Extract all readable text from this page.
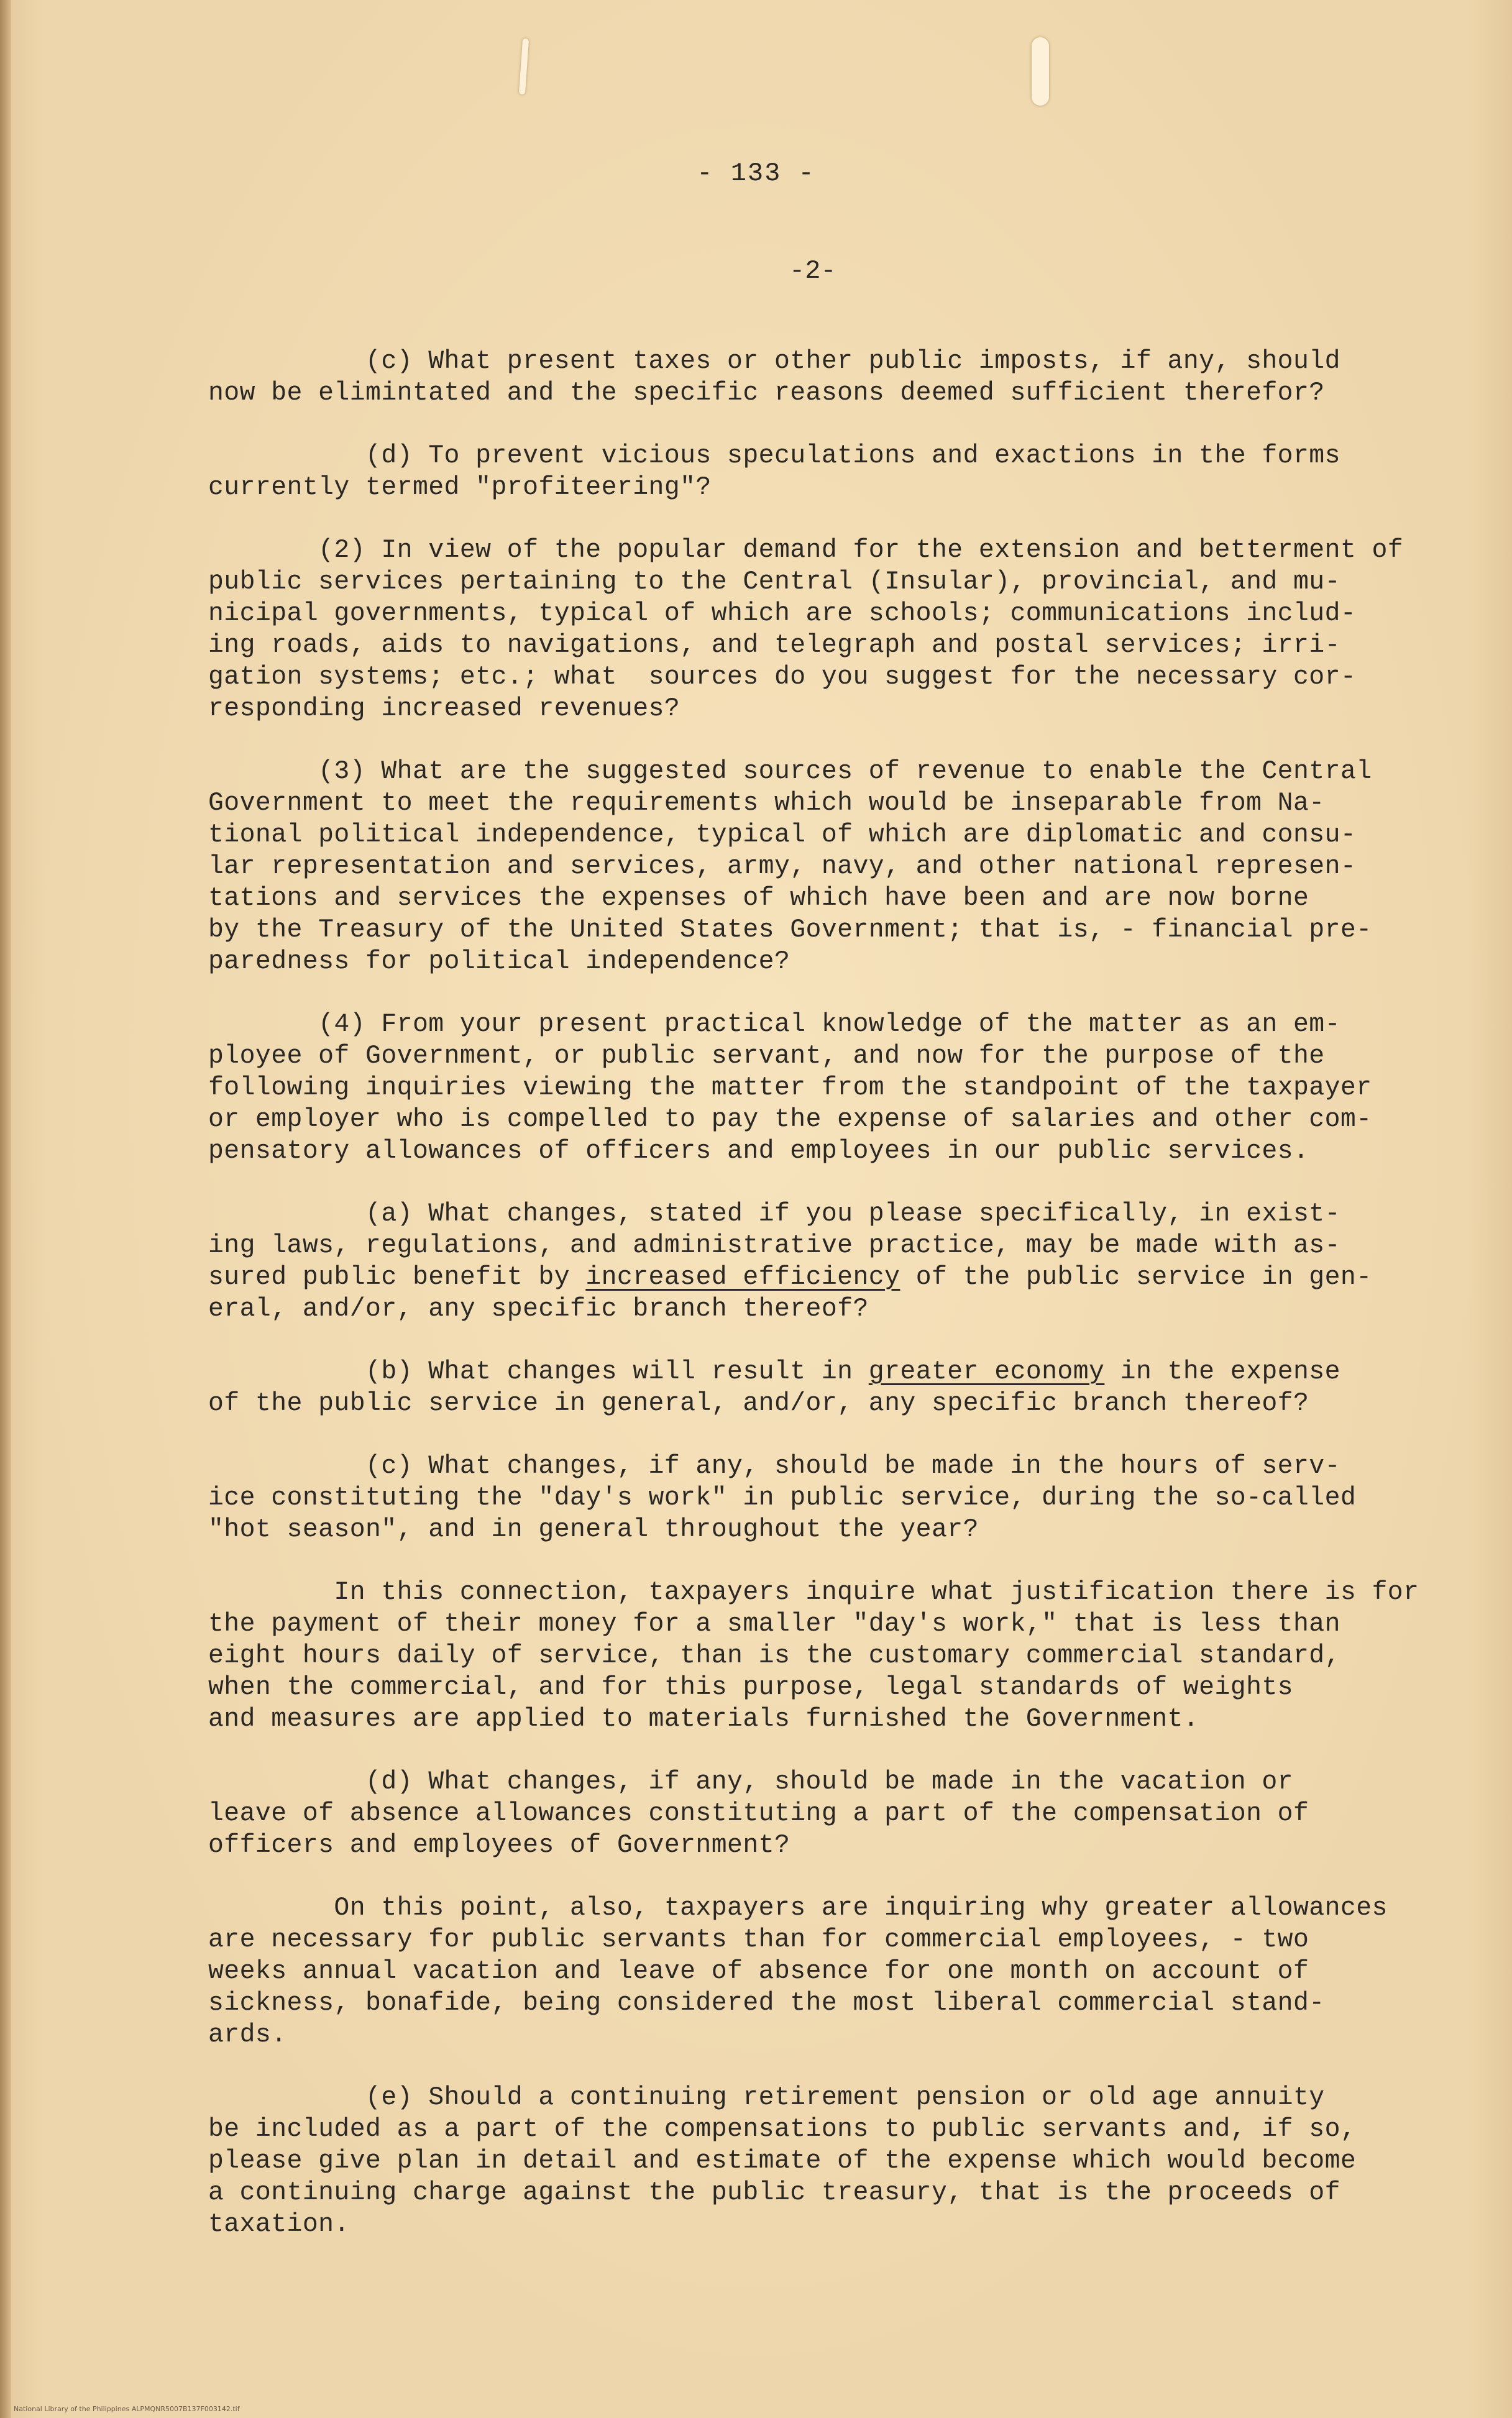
- 133 -
-2-
(c) What present taxes or other public imposts, if any, should
now be elimintated and the specific reasons deemed sufficient therefor?
(d) To prevent vicious speculations and exactions in the forms
currently termed "profiteering"?
(2) In view of the popular demand for the extension and betterment of
public services pertaining to the Central (Insular), provincial, and mu-
nicipal governments, typical of which are schools; communications includ-
ing roads, aids to navigations, and telegraph and postal services; irri-
gation systems; etc.; what  sources do you suggest for the necessary cor-
responding increased revenues?
(3) What are the suggested sources of revenue to enable the Central
Government to meet the requirements which would be inseparable from Na-
tional political independence, typical of which are diplomatic and consu-
lar representation and services, army, navy, and other national represen-
tations and services the expenses of which have been and are now borne
by the Treasury of the United States Government; that is, - financial pre-
paredness for political independence?
(4) From your present practical knowledge of the matter as an em-
ployee of Government, or public servant, and now for the purpose of the
following inquiries viewing the matter from the standpoint of the taxpayer
or employer who is compelled to pay the expense of salaries and other com-
pensatory allowances of officers and employees in our public services.
(a) What changes, stated if you please specifically, in exist-
ing laws, regulations, and administrative practice, may be made with as-
sured public benefit by increased efficiency of the public service in gen-
eral, and/or, any specific branch thereof?
(b) What changes will result in greater economy in the expense
of the public service in general, and/or, any specific branch thereof?
(c) What changes, if any, should be made in the hours of serv-
ice constituting the "day's work" in public service, during the so-called
"hot season", and in general throughout the year?
In this connection, taxpayers inquire what justification there is for
the payment of their money for a smaller "day's work," that is less than
eight hours daily of service, than is the customary commercial standard,
when the commercial, and for this purpose, legal standards of weights
and measures are applied to materials furnished the Government.
(d) What changes, if any, should be made in the vacation or
leave of absence allowances constituting a part of the compensation of
officers and employees of Government?
On this point, also, taxpayers are inquiring why greater allowances
are necessary for public servants than for commercial employees, - two
weeks annual vacation and leave of absence for one month on account of
sickness, bonafide, being considered the most liberal commercial stand-
ards.
(e) Should a continuing retirement pension or old age annuity
be included as a part of the compensations to public servants and, if so,
please give plan in detail and estimate of the expense which would become
a continuing charge against the public treasury, that is the proceeds of
taxation.
National Library of the Philippines ALPMQNR5007B137F003142.tif
